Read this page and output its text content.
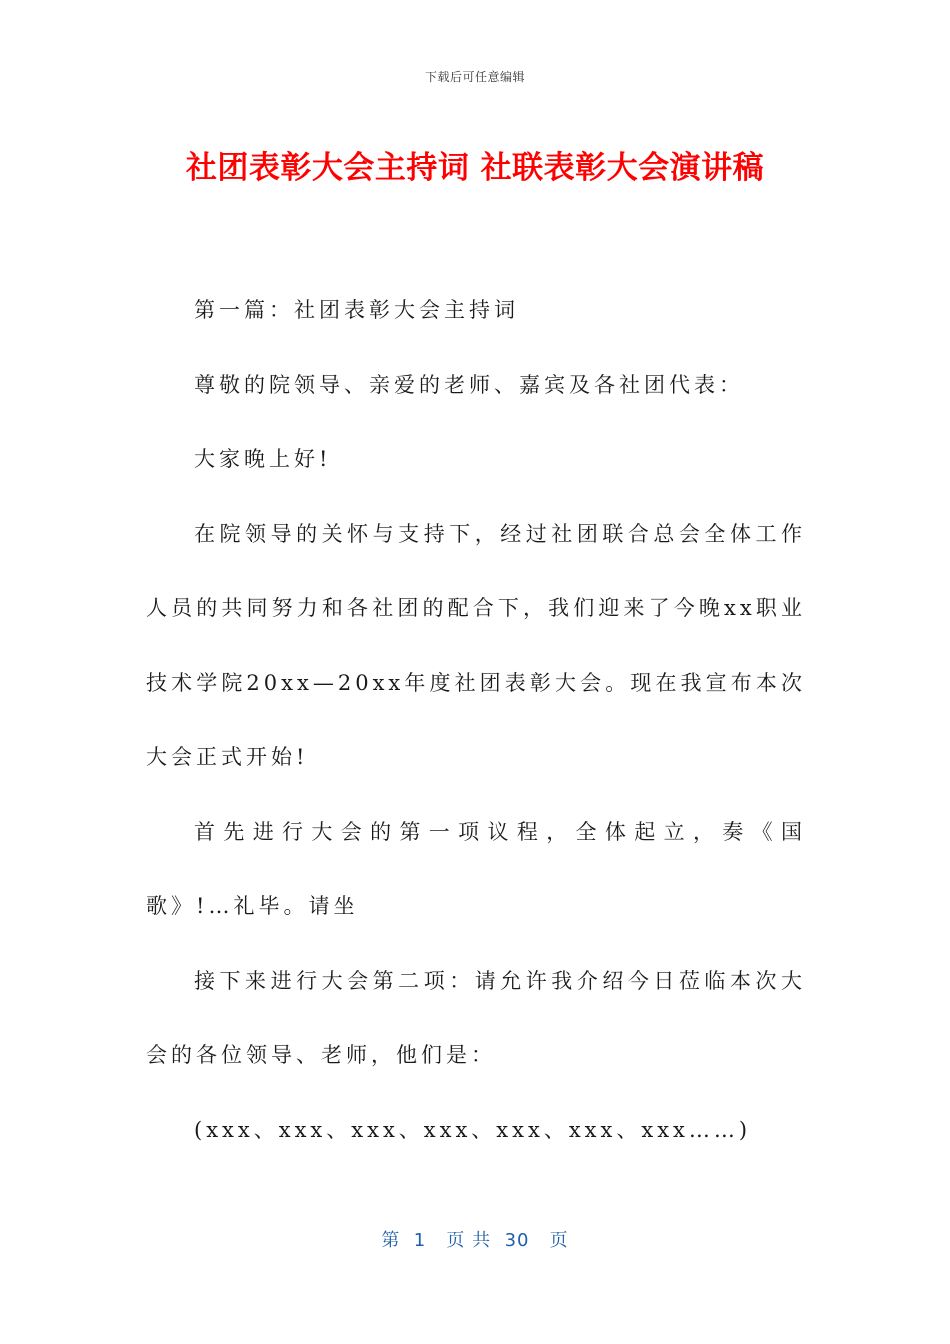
下载后可任意编辑
社团表彰大会主持词 社联表彰大会演讲稿

第一篇：社团表彰大会主持词

尊敬的院领导、亲爱的老师、嘉宾及各社团代表：

大家晚上好!

在院领导的关怀与支持下，经过社团联合总会全体工作人员的共同努力和各社团的配合下，我们迎来了今晚xx职业技术学院20xx—20xx年度社团表彰大会。现在我宣布本次大会正式开始!

首先进行大会的第一项议程，全体起立，奏《国歌》!…礼毕。请坐

接下来进行大会第二项：请允许我介绍今日莅临本次大会的各位领导、老师，他们是：

(xxx、xxx、xxx、xxx、xxx、xxx、xxx……)

第  1   页 共  30   页
